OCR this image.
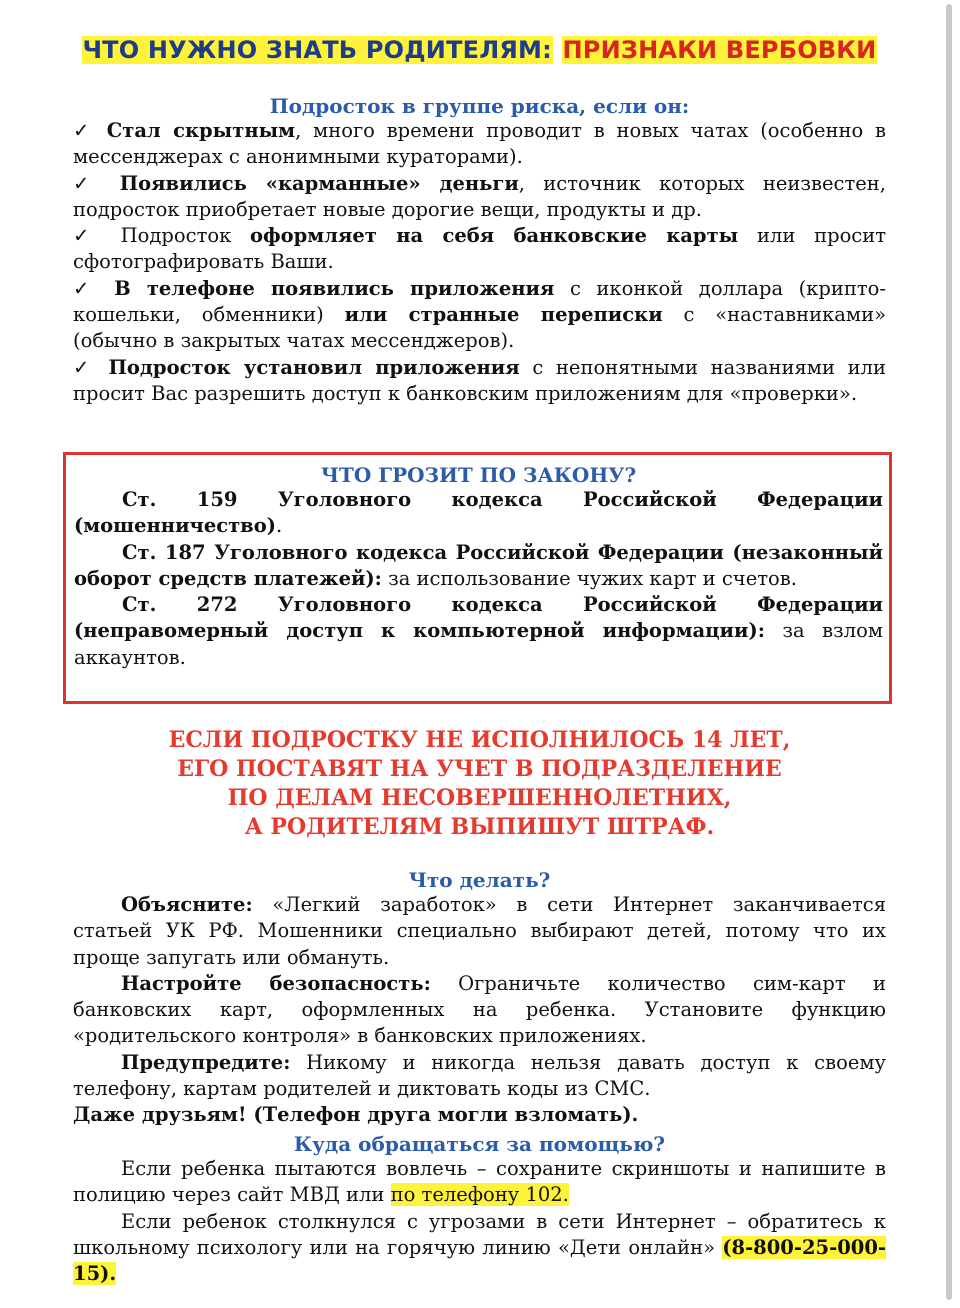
ЧТО НУЖНО ЗНАТЬ РОДИТЕЛЯМ: ПРИЗНАКИ ВЕРБОВКИ
Подросток в группе риска, если он:

✓ Стал скрытным, много времени проводит в новых чатах (особенно в мессенджерах с анонимными кураторами).

✓ Появились «карманные» деньги, источник которых неизвестен, подросток приобретает новые дорогие вещи, продукты и др.

✓ Подросток оформляет на себя банковские карты или просит сфотографировать Ваши.

✓ В телефоне появились приложения с иконкой доллара (крипто-кошельки, обменники) или странные переписки с «наставниками» (обычно в закрытых чатах мессенджеров).

✓ Подросток установил приложения с непонятными названиями или просит Вас разрешить доступ к банковским приложениям для «проверки».

ЧТО ГРОЗИТ ПО ЗАКОНУ?

Ст. 159 Уголовного кодекса Российской Федерации (мошенничество).

Ст. 187 Уголовного кодекса Российской Федерации (незаконный оборот средств платежей): за использование чужих карт и счетов.

Ст. 272 Уголовного кодекса Российской Федерации (неправомерный доступ к компьютерной информации): за взлом аккаунтов.

ЕСЛИ ПОДРОСТКУ НЕ ИСПОЛНИЛОСЬ 14 ЛЕТ,
ЕГО ПОСТАВЯТ НА УЧЕТ В ПОДРАЗДЕЛЕНИЕ
ПО ДЕЛАМ НЕСОВЕРШЕННОЛЕТНИХ,
А РОДИТЕЛЯМ ВЫПИШУТ ШТРАФ.
Что делать?

Объясните: «Легкий заработок» в сети Интернет заканчивается статьей УК РФ. Мошенники специально выбирают детей, потому что их проще запугать или обмануть.

Настройте безопасность: Ограничьте количество сим-карт и банковских карт, оформленных на ребенка. Установите функцию «родительского контроля» в банковских приложениях.

Предупредите: Никому и никогда нельзя давать доступ к своему телефону, картам родителей и диктовать коды из СМС.

Даже друзьям! (Телефон друга могли взломать).

Куда обращаться за помощью?

Если ребенка пытаются вовлечь – сохраните скриншоты и напишите в полицию через сайт МВД или по телефону 102.

Если ребенок столкнулся с угрозами в сети Интернет – обратитесь к школьному психологу или на горячую линию «Дети онлайн» (8-800-25-000-15).
